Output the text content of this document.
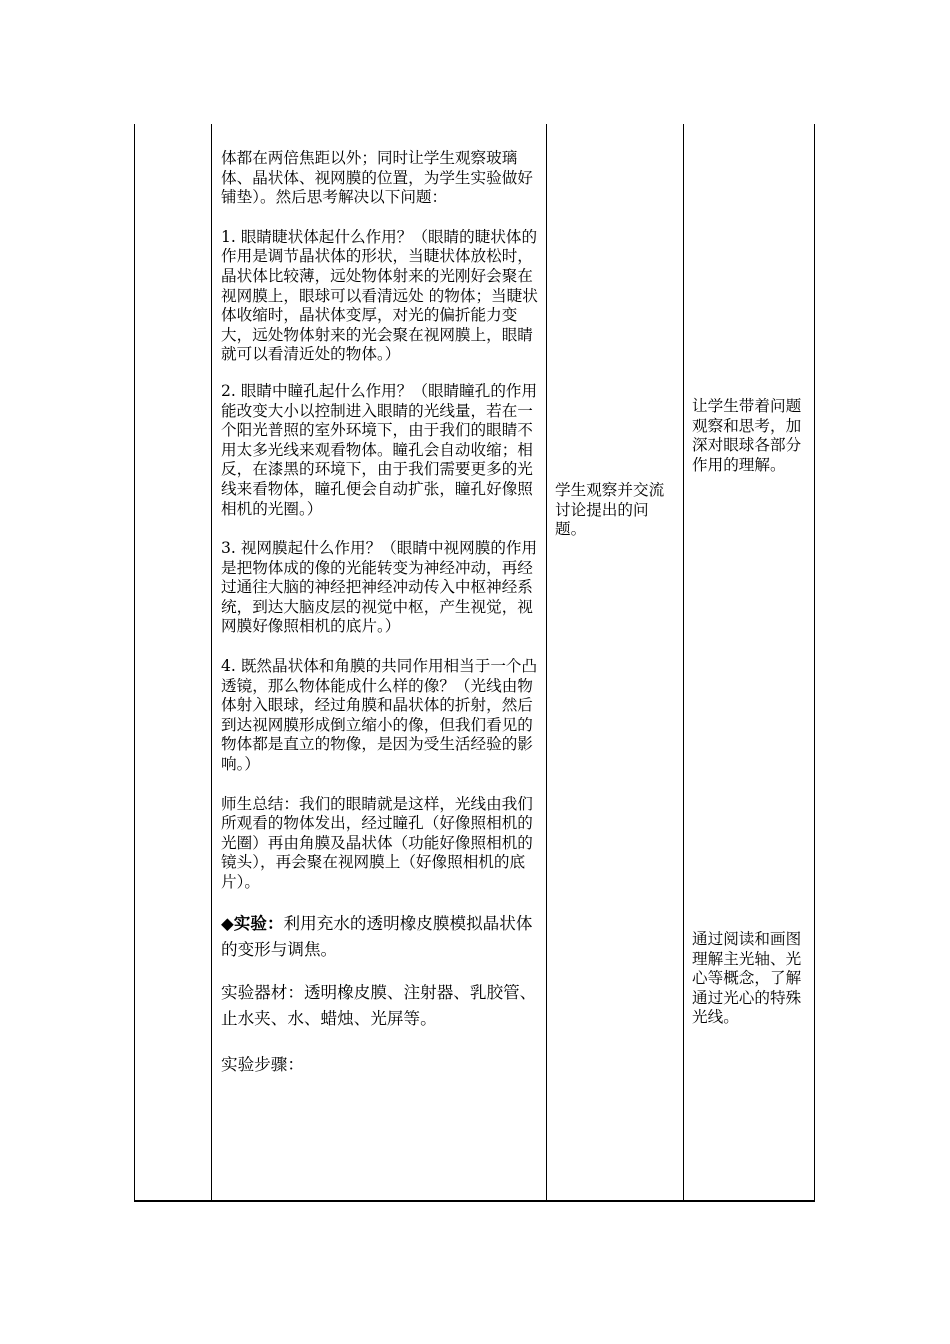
体都在两倍焦距以外；同时让学生观察玻璃体、晶状体、视网膜的位置，为学生实验做好铺垫）。然后思考解决以下问题：

1. 眼睛睫状体起什么作用？（眼睛的睫状体的作用是调节晶状体的形状，当睫状体放松时，晶状体比较薄，远处物体射来的光刚好会聚在视网膜上，眼球可以看清远处 的物体；当睫状体收缩时，晶状体变厚，对光的偏折能力变大，远处物体射来的光会聚在视网膜上，眼睛就可以看清近处的物体。）

2. 眼睛中瞳孔起什么作用？（眼睛瞳孔的作用能改变大小以控制进入眼睛的光线量，若在一个阳光普照的室外环境下，由于我们的眼睛不用太多光线来观看物体。瞳孔会自动收缩；相反，在漆黑的环境下，由于我们需要更多的光线来看物体，瞳孔便会自动扩张，瞳孔好像照相机的光圈。）

3. 视网膜起什么作用？（眼睛中视网膜的作用是把物体成的像的光能转变为神经冲动，再经过通往大脑的神经把神经冲动传入中枢神经系统，到达大脑皮层的视觉中枢，产生视觉，视网膜好像照相机的底片。）

4. 既然晶状体和角膜的共同作用相当于一个凸透镜，那么物体能成什么样的像？（光线由物体射入眼球，经过角膜和晶状体的折射，然后到达视网膜形成倒立缩小的像，但我们看见的物体都是直立的物像，是因为受生活经验的影响。）

师生总结：我们的眼睛就是这样，光线由我们所观看的物体发出，经过瞳孔（好像照相机的光圈）再由角膜及晶状体（功能好像照相机的镜头），再会聚在视网膜上（好像照相机的底片）。

◆实验：利用充水的透明橡皮膜模拟晶状体的变形与调焦。

实验器材：透明橡皮膜、注射器、乳胶管、止水夹、水、蜡烛、光屏等。

实验步骤：

学生观察并交流讨论提出的问题。
让学生带着问题观察和思考，加深对眼球各部分作用的理解。
通过阅读和画图理解主光轴、光心等概念，了解通过光心的特殊光线。
